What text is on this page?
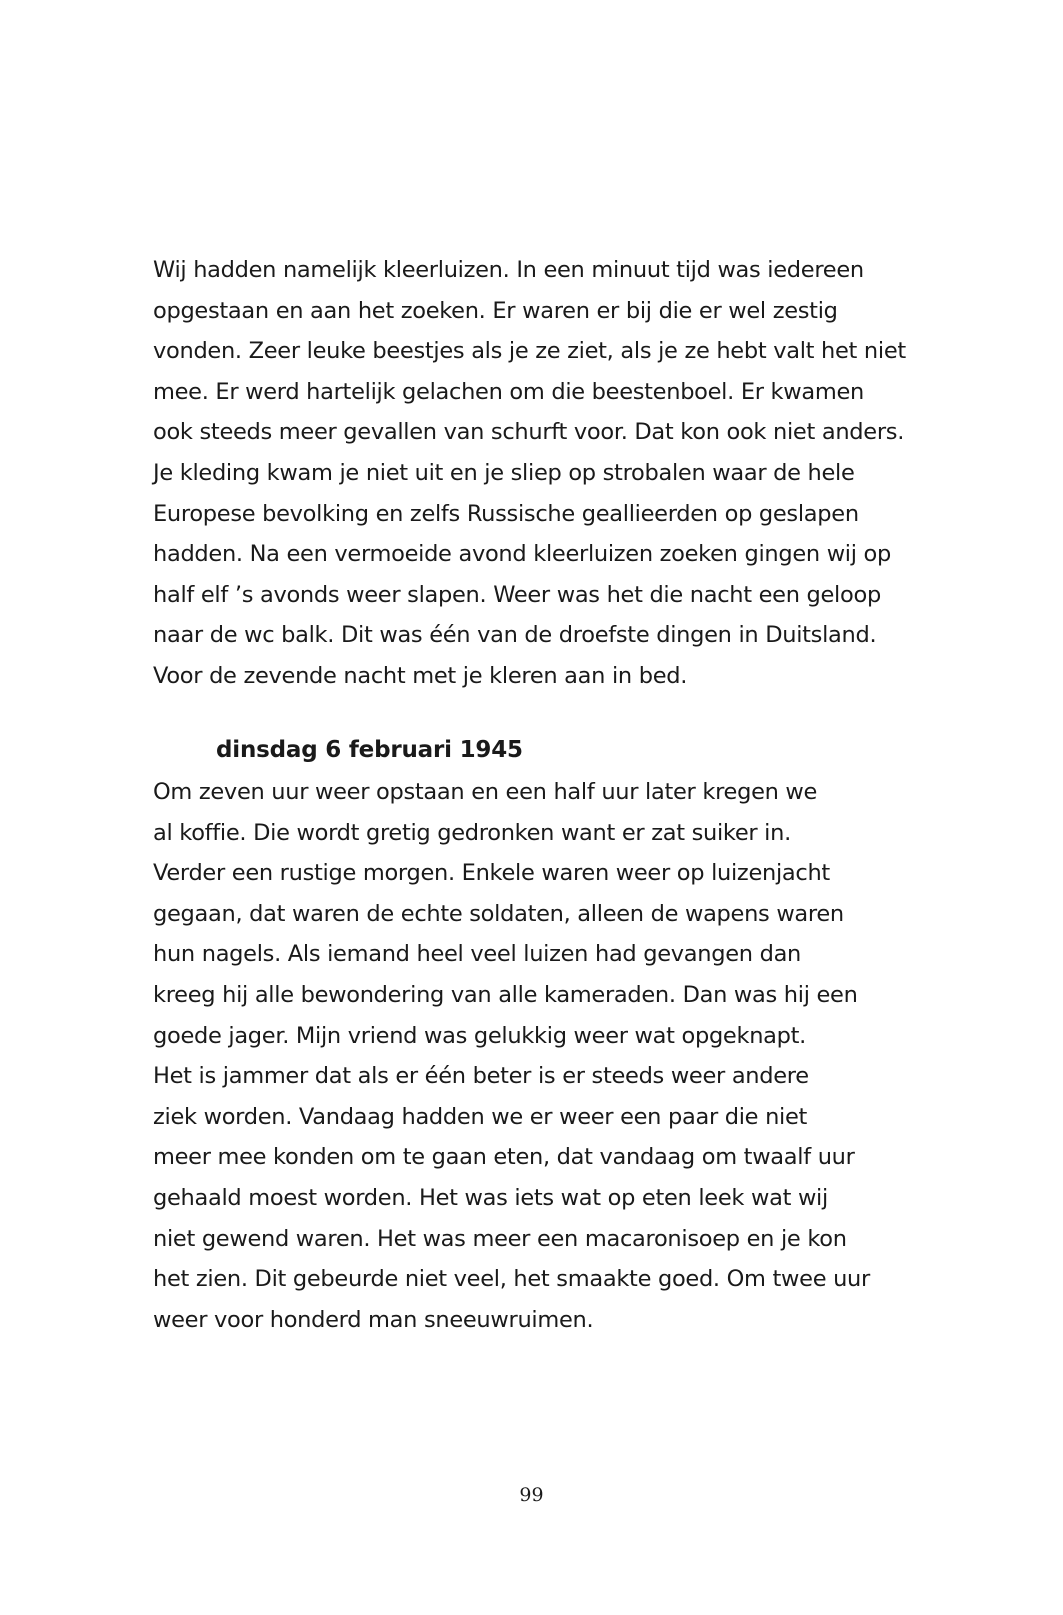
Wij hadden namelijk kleerluizen. In een minuut tijd was iedereen
opgestaan en aan het zoeken. Er waren er bij die er wel zestig
vonden. Zeer leuke beestjes als je ze ziet, als je ze hebt valt het niet
mee. Er werd hartelijk gelachen om die beestenboel. Er kwamen
ook steeds meer gevallen van schurft voor. Dat kon ook niet anders.
Je kleding kwam je niet uit en je sliep op strobalen waar de hele
Europese bevolking en zelfs Russische geallieerden op geslapen
hadden. Na een vermoeide avond kleerluizen zoeken gingen wij op
half elf ’s avonds weer slapen. Weer was het die nacht een geloop
naar de wc balk. Dit was één van de droefste dingen in Duitsland.
Voor de zevende nacht met je kleren aan in bed.
dinsdag 6 februari 1945
Om zeven uur weer opstaan en een half uur later kregen we
al koffie. Die wordt gretig gedronken want er zat suiker in.
Verder een rustige morgen. Enkele waren weer op luizenjacht
gegaan, dat waren de echte soldaten, alleen de wapens waren
hun nagels. Als iemand heel veel luizen had gevangen dan
kreeg hij alle bewondering van alle kameraden. Dan was hij een
goede jager. Mijn vriend was gelukkig weer wat opgeknapt.
Het is jammer dat als er één beter is er steeds weer andere
ziek worden. Vandaag hadden we er weer een paar die niet
meer mee konden om te gaan eten, dat vandaag om twaalf uur
gehaald moest worden. Het was iets wat op eten leek wat wij
niet gewend waren. Het was meer een macaronisoep en je kon
het zien. Dit gebeurde niet veel, het smaakte goed. Om twee uur
weer voor honderd man sneeuwruimen.
99
